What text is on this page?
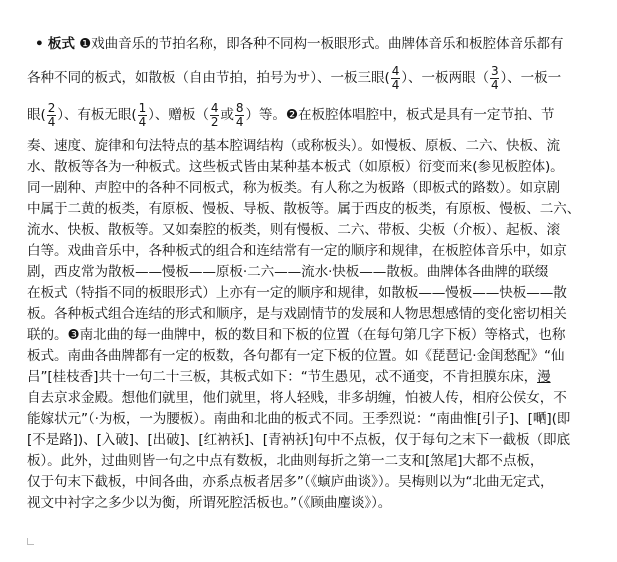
• 板式 ❶戏曲音乐的节拍名称，即各种不同构一板眼形式。曲牌体音乐和板腔体音乐都有
各种不同的板式，如散板（自由节拍，拍号为サ）、一板三眼( $\frac{4}{4}$ ）、一板两眼（ $\frac{3}{4}$ ）、一板一
眼( $\frac{2}{4}$ ）、有板无眼( $\frac{1}{4}$ ）、赠板（ $\frac{4}{2}$ 或 $\frac{8}{4}$ ）等。❷在板腔体唱腔中，板式是具有一定节拍、节
奏、速度、旋律和句法特点的基本腔调结构（或称板头）。如慢板、原板、二六、快板、流
水、散板等各为一种板式。这些板式皆由某种基本板式（如原板）衍变而来(参见板腔体)。
同一剧种、声腔中的各种不同板式，称为板类。有人称之为板路（即板式的路数）。如京剧
中属于二黄的板类，有原板、慢板、导板、散板等。属于西皮的板类，有原板、慢板、二六、
流水、快板、散板等。又如秦腔的板类，则有慢板、二六、带板、尖板（介板）、起板、滚
白等。戏曲音乐中，各种板式的组合和连结常有一定的顺序和规律，在板腔体音乐中，如京
剧，西皮常为散板——慢板——原板·二六——流水·快板——散板。曲牌体各曲牌的联缀
在板式（特指不同的板眼形式）上亦有一定的顺序和规律，如散板——慢板——快板——散
板。各种板式组合连结的形式和顺序，是与戏剧情节的发展和人物思想感情的变化密切相关
联的。❸南北曲的每一曲牌中，板的数目和下板的位置（在每句第几字下板）等格式，也称
板式。南曲各曲牌都有一定的板数，各句都有一定下板的位置。如《琵琶记·金闺愁配》“仙
吕”[桂枝香]共十一句二十三板，其板式如下：“节生愚见，忒不通变，不肯担膜东床，漫
自去京求金殿。想他们就里，他们就里，将人轻贱，非多胡缠，怕被人传，相府公侯女，不
能嫁状元”（·为板，一为腰板）。南曲和北曲的板式不同。王季烈说：“南曲惟[引子]、[嗮](即
[不是路])、[入破]、[出破]、[红衲袄]、[青衲袄]句中不点板，仅于每句之末下一截板（即底
板）。此外，过曲则皆一句之中点有数板，北曲则每折之第一二支和[煞尾]大都不点板，
仅于句末下截板，中间各曲，亦系点板者居多”（《螾庐曲谈》）。吴梅则以为“北曲无定式，
视文中衬字之多少以为衡，所谓死腔活板也。”（《顾曲麈谈》）。
